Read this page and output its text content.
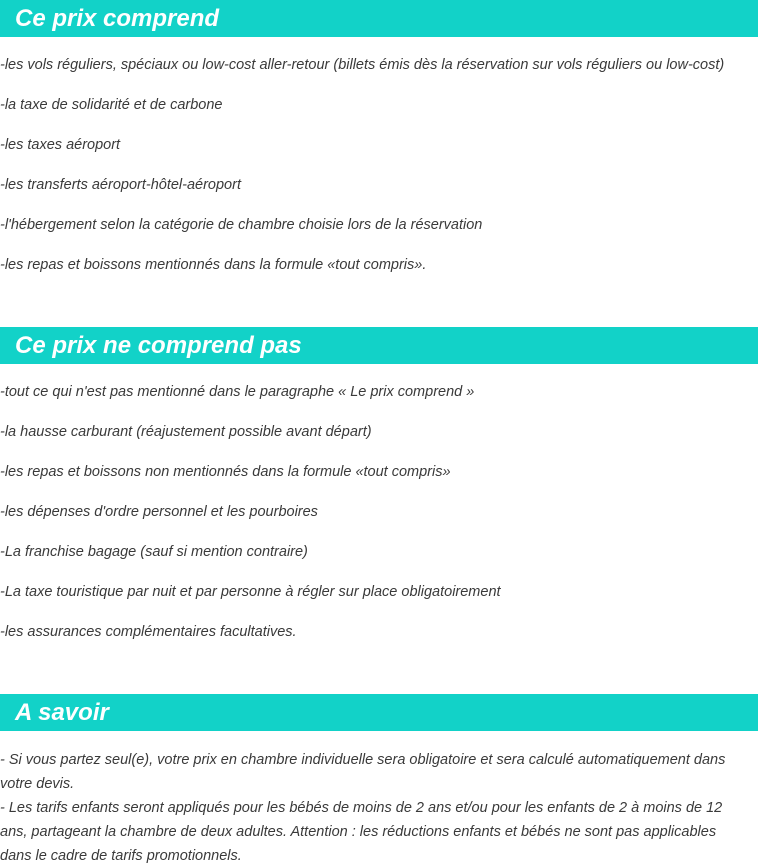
Ce prix comprend
-les vols réguliers, spéciaux ou low-cost aller-retour (billets émis dès la réservation sur vols réguliers ou low-cost)
-la taxe de solidarité et de carbone
-les taxes aéroport
-les transferts aéroport-hôtel-aéroport
-l'hébergement selon la catégorie de chambre choisie lors de la réservation
-les repas et boissons mentionnés dans la formule «tout compris».
Ce prix ne comprend pas
-tout ce qui n'est pas mentionné dans le paragraphe « Le prix comprend »
-la hausse carburant (réajustement possible avant départ)
-les repas et boissons non mentionnés dans la formule «tout compris»
-les dépenses d'ordre personnel et les pourboires
-La franchise bagage (sauf si mention contraire)
-La taxe touristique par nuit et par personne à régler sur place obligatoirement
-les assurances complémentaires facultatives.
A savoir

- Si vous partez seul(e), votre prix en chambre individuelle sera obligatoire et sera calculé automatiquement dans votre devis.

- Les tarifs enfants seront appliqués pour les bébés de moins de 2 ans et/ou pour les enfants de 2 à moins de 12 ans, partageant la chambre de deux adultes. Attention : les réductions enfants et bébés ne sont pas applicables dans le cadre de tarifs promotionnels.
